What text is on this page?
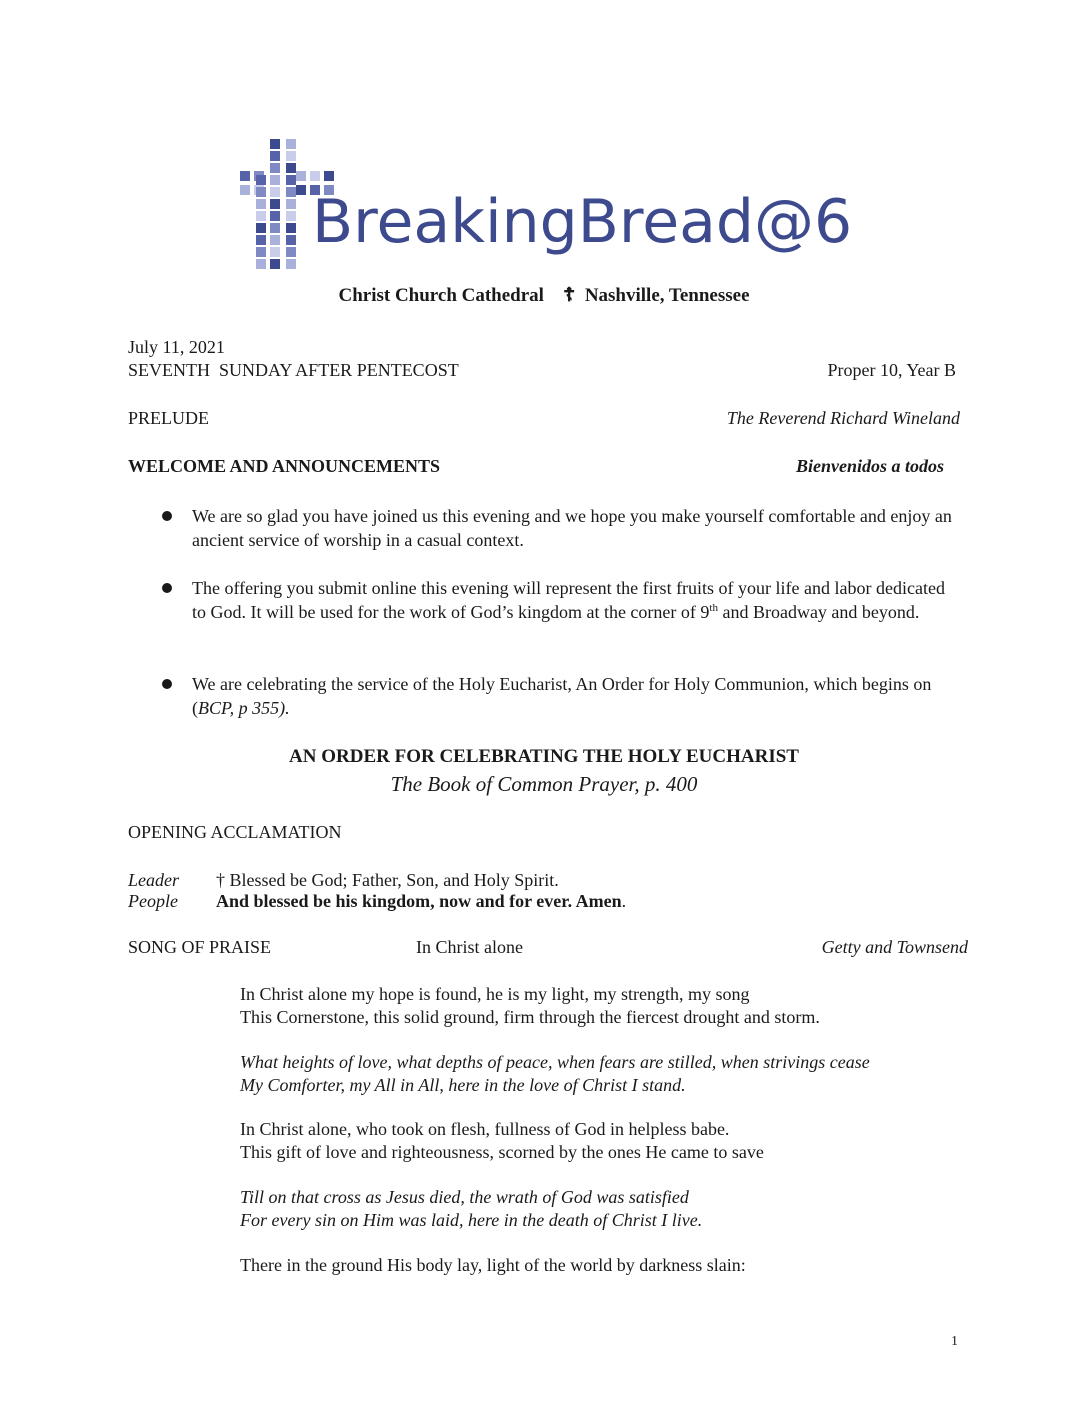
BreakingBread@6
Christ Church Cathedral ☦ Nashville, Tennessee
July 11, 2021
SEVENTH  SUNDAY AFTER PENTECOST	Proper 10, Year B
PRELUDE	The Reverend Richard Wineland
WELCOME AND ANNOUNCEMENTS	Bienvenidos a todos
We are so glad you have joined us this evening and we hope you make yourself comfortable and enjoy an ancient service of worship in a casual context.
The offering you submit online this evening will represent the first fruits of your life and labor dedicated to God. It will be used for the work of God’s kingdom at the corner of 9th and Broadway and beyond.
We are celebrating the service of the Holy Eucharist, An Order for Holy Communion, which begins on (BCP, p 355).
AN ORDER FOR CELEBRATING THE HOLY EUCHARIST
The Book of Common Prayer, p. 400
OPENING ACCLAMATION
Leader † Blessed be God; Father, Son, and Holy Spirit.
People And blessed be his kingdom, now and for ever. Amen.
SONG OF PRAISE	In Christ alone	Getty and Townsend
In Christ alone my hope is found, he is my light, my strength, my song
This Cornerstone, this solid ground, firm through the fiercest drought and storm.
What heights of love, what depths of peace, when fears are stilled, when strivings cease
My Comforter, my All in All, here in the love of Christ I stand.
In Christ alone, who took on flesh, fullness of God in helpless babe.
This gift of love and righteousness, scorned by the ones He came to save
Till on that cross as Jesus died, the wrath of God was satisfied
For every sin on Him was laid, here in the death of Christ I live.
There in the ground His body lay, light of the world by darkness slain:
1
